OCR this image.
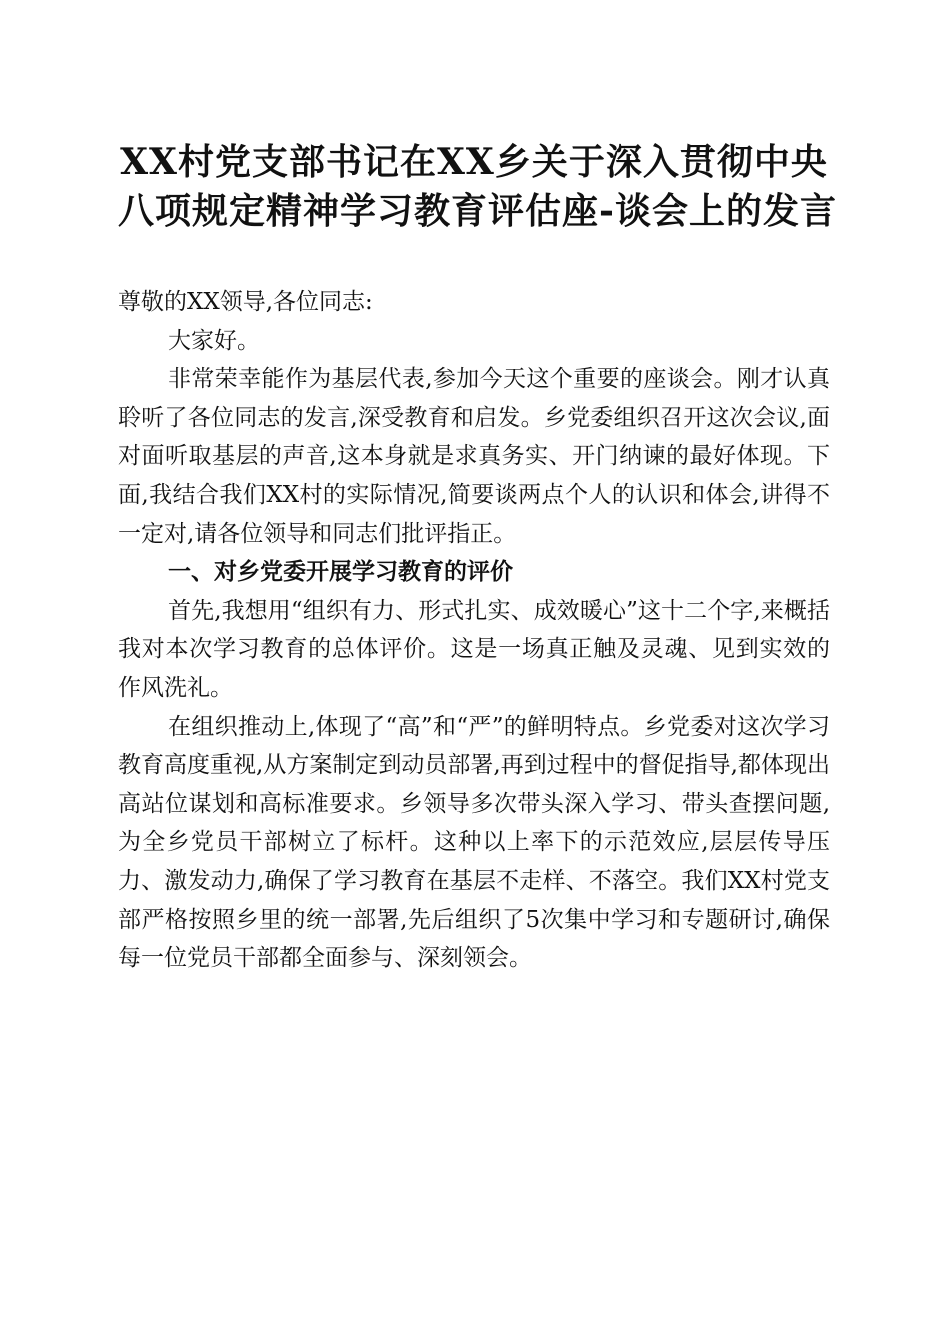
XX村党支部书记在XX乡关于深入贯彻中央
八项规定精神学习教育评估座-谈会上的发言

尊敬的XX领导,各位同志:

大家好。

非常荣幸能作为基层代表,参加今天这个重要的座谈会。刚才认真聆听了各位同志的发言,深受教育和启发。乡党委组织召开这次会议,面对面听取基层的声音,这本身就是求真务实、开门纳谏的最好体现。下面,我结合我们XX村的实际情况,简要谈两点个人的认识和体会,讲得不一定对,请各位领导和同志们批评指正。

一、对乡党委开展学习教育的评价

首先,我想用“组织有力、形式扎实、成效暖心”这十二个字,来概括我对本次学习教育的总体评价。这是一场真正触及灵魂、见到实效的作风洗礼。

在组织推动上,体现了“高”和“严”的鲜明特点。乡党委对这次学习教育高度重视,从方案制定到动员部署,再到过程中的督促指导,都体现出高站位谋划和高标准要求。乡领导多次带头深入学习、带头查摆问题,为全乡党员干部树立了标杆。这种以上率下的示范效应,层层传导压力、激发动力,确保了学习教育在基层不走样、不落空。我们XX村党支部严格按照乡里的统一部署,先后组织了5次集中学习和专题研讨,确保每一位党员干部都全面参与、深刻领会。
